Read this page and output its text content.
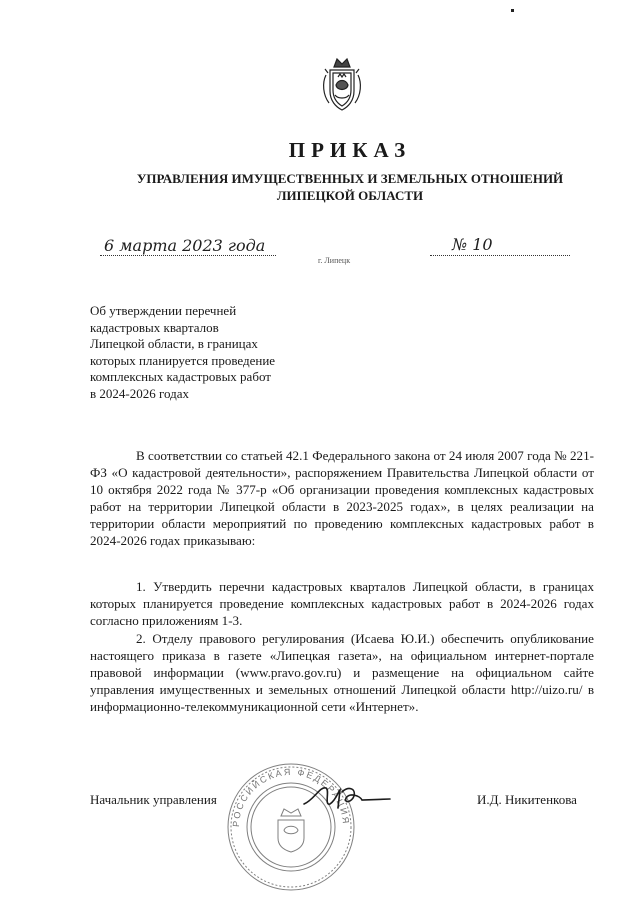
ПРИКАЗ
УПРАВЛЕНИЯ ИМУЩЕСТВЕННЫХ И ЗЕМЕЛЬНЫХ ОТНОШЕНИЙ
ЛИПЕЦКОЙ ОБЛАСТИ
6 марта 2023 года
г. Липецк
№ 10
Об утверждении перечней
кадастровых кварталов
Липецкой области, в границах
которых планируется проведение
комплексных кадастровых работ
в 2024-2026 годах

В соответствии со статьей 42.1 Федерального закона от 24 июля 2007 года № 221-ФЗ «О кадастровой деятельности», распоряжением Правительства Липецкой области от 10 октября 2022 года № 377-р «Об организации проведения комплексных кадастровых работ на территории Липецкой области в 2023-2025 годах», в целях реализации на территории области мероприятий по проведению комплексных кадастровых работ в 2024-2026 годах приказываю:

1. Утвердить перечни кадастровых кварталов Липецкой области, в границах которых планируется проведение комплексных кадастровых работ в 2024-2026 годах согласно приложениям 1-3.

2. Отделу правового регулирования (Исаева Ю.И.) обеспечить опубликование настоящего приказа в газете «Липецкая газета», на официальном интернет-портале правовой информации (www.pravo.gov.ru) и размещение на официальном сайте управления имущественных и земельных отношений Липецкой области http://uizo.ru/ в информационно-телекоммуникационной сети «Интернет».

Начальник управления	И.Д. Никитенкова
РОССИЙСКАЯ ФЕДЕРАЦИЯ
